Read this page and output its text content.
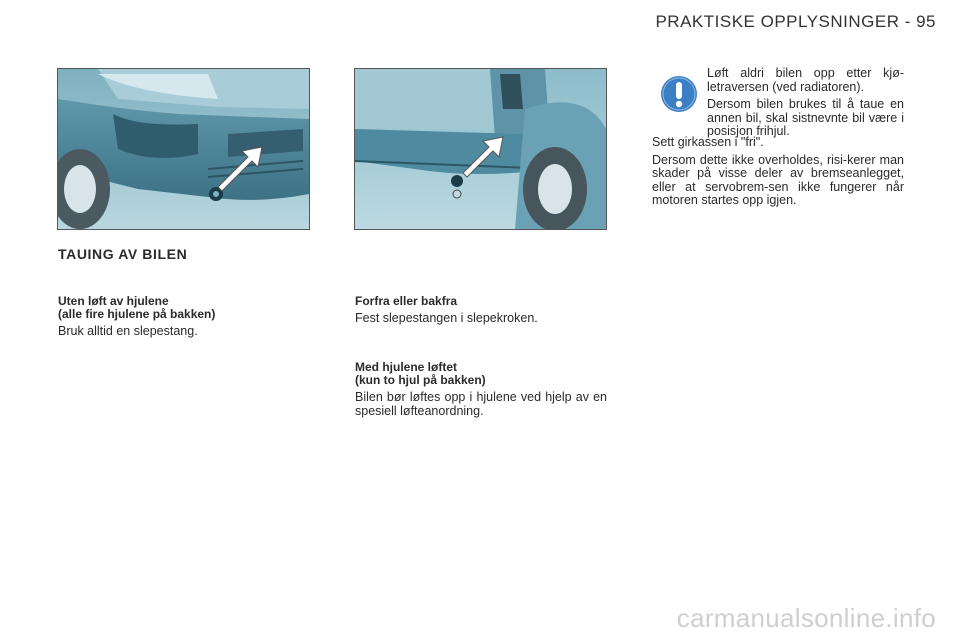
PRAKTISKE OPPLYSNINGER - 95
TAUING AV BILEN
Uten løft av hjulene
(alle fire hjulene på bakken)

Bruk alltid en slepestang.

Forfra eller bakfra

Fest slepestangen i slepekroken.

Med hjulene løftet
(kun to hjul på bakken)

Bilen bør løftes opp i hjulene ved hjelp av en spesiell løfteanordning.

Løft aldri bilen opp etter kjø-letraversen (ved radiatoren).

Dersom bilen brukes til å taue en annen bil, skal sistnevnte bil være i posisjon frihjul.

Sett girkassen i "fri".

Dersom dette ikke overholdes, risi-kerer man skader på visse deler av bremseanlegget, eller at servobrem-sen ikke fungerer når motoren startes opp igjen.

carmanualsonline.info
